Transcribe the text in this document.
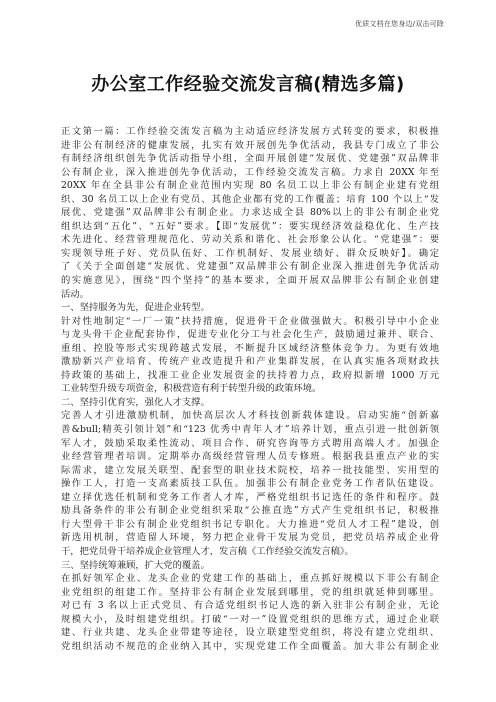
优质文档在您身边/双击可除
办公室工作经验交流发言稿(精选多篇)
正文第一篇：工作经验交流发言稿为主动适应经济发展方式转变的要求，积极推
进非公有制经济的健康发展，扎实有效开展创先争优活动，我县专门成立了非公
有制经济组织创先争优活动指导小组，全面开展创建“发展优、党建强”双品牌非
公有制企业，深入推进创先争优活动，工作经验交流发言稿。力求自 20XX 年至
20XX 年在全县非公有制企业范围内实现 80 名员工以上非公有制企业建有党组
织、30 名员工以上企业有党员、其他企业都有党的工作覆盖；培育 100 个以上“发
展优、党建强”双品牌非公有制企业。力求达成全县 80%以上的非公有制企业党
组织达到“五化”、“五好”要求。【即“发展优”：要实现经济效益稳优化、生产技
术先进化、经营管理规范化、劳动关系和谐化、社会形象公认化。“党建强”：要
实现领导班子好、党员队伍好、工作机制好、发展业绩好、群众反映好】。确定
了《关于全面创建“发展优、党建强”双品牌非公有制企业深入推进创先争优活动
的实施意见》，围绕“四个坚持”的基本要求，全面开展双品牌非公有制企业创建
活动。
一、坚持服务为先，促进企业转型。
针对性地制定“一厂一策”扶持措施，促进骨干企业做强做大。积极引导中小企业
与龙头骨干企业配套协作，促进专业化分工与社会化生产，鼓励通过兼并、联合、
重组、控股等形式实现跨越式发展，不断提升区域经济整体竞争力。为更有效地
激励新兴产业培育、传统产业改造提升和产业集群发展，在认真实施各项财政扶
持政策的基础上，找准工业企业发展资金的扶持着力点，政府拟新增 1000 万元
工业转型升级专项资金，积极营造有利于转型升级的政策环境。
二、坚持引优育实，强化人才支撑。
完善人才引进激励机制，加快高层次人才科技创新载体建设。启动实施“创新嘉
善&bull;精英引领计划”和“123 优秀中青年人才”培养计划，重点引进一批创新领
军人才，鼓励采取柔性流动、项目合作、研究咨询等方式聘用高端人才。加强企
业经营管理者培训。定期举办高级经营管理人员专修班。根据我县重点产业的实
际需求，建立发展关联型、配套型的职业技术院校，培养一批技能型、实用型的
操作工人，打造一支高素质技工队伍。加强非公有制企业党务工作者队伍建设。
建立择优选任机制和党务工作者人才库，严格党组织书记选任的条件和程序。鼓
励具备条件的非公有制企业党组织采取“公推直选”方式产生党组织书记，积极推
行大型骨干非公有制企业党组织书记专职化。大力推进“党员人才工程”建设，创
新选用机制，营造留人环境，努力把企业骨干发展为党员，把党员培养成企业骨
干，把党员骨干培养成企业管理人才，发言稿《工作经验交流发言稿》。
三、坚持统筹兼顾，扩大党的覆盖。
在抓好领军企业、龙头企业的党建工作的基础上，重点抓好规模以下非公有制企
业党组织的组建工作。坚持非公有制企业发展到哪里，党的组织就延伸到哪里。
对已有 3 名以上正式党员、有合适党组织书记人选的新入驻非公有制企业，无论
规模大小，及时组建党组织。打破“一对一”设置党组织的思维方式，通过企业联
建、行业共建、龙头企业带建等途径，设立联建型党组织，将没有建立党组织、
党组织活动不规范的企业纳入其中，实现党建工作全面覆盖。加大非公有制企业
